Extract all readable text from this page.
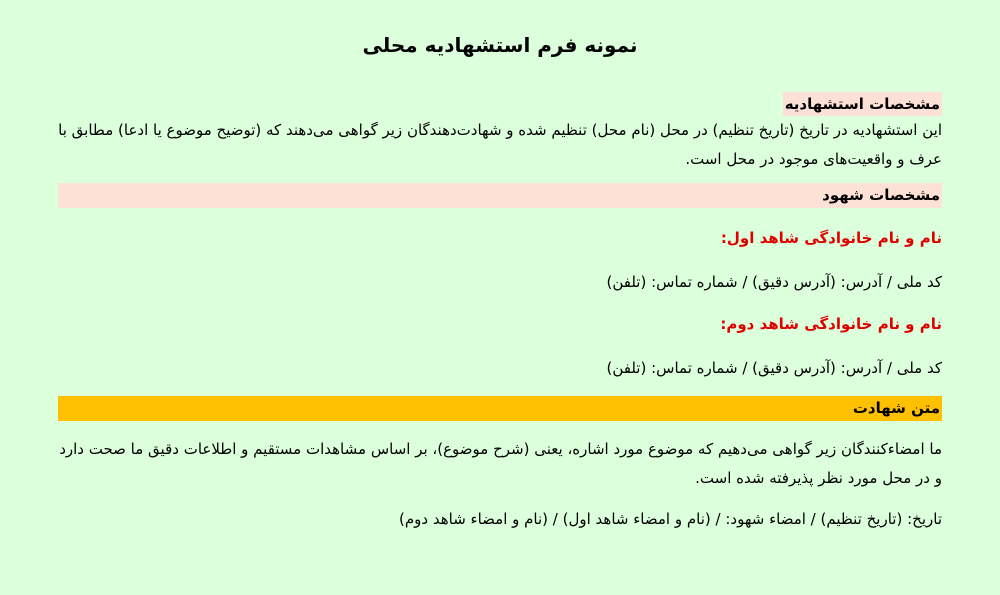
نمونه فرم استشهادیه محلی
مشخصات استشهادیه

این استشهادیه در تاریخ (تاریخ تنظیم) در محل (نام محل) تنظیم شده و شهادت‌دهندگان زیر گواهی می‌دهند که (توضیح موضوع یا ادعا) مطابق با عرف و واقعیت‌های موجود در محل است.

مشخصات شهود
نام و نام خانوادگی شاهد اول:
کد ملی / آدرس: (آدرس دقیق) / شماره تماس: (تلفن)
نام و نام خانوادگی شاهد دوم:
کد ملی / آدرس: (آدرس دقیق) / شماره تماس: (تلفن)
متن شهادت
ما امضاءکنندگان زیر گواهی می‌دهیم که موضوع مورد اشاره، یعنی (شرح موضوع)، بر اساس مشاهدات مستقیم و اطلاعات دقیق ما صحت دارد و در محل مورد نظر پذیرفته شده است.
تاریخ: (تاریخ تنظیم) / امضاء شهود: / (نام و امضاء شاهد اول) / (نام و امضاء شاهد دوم)
